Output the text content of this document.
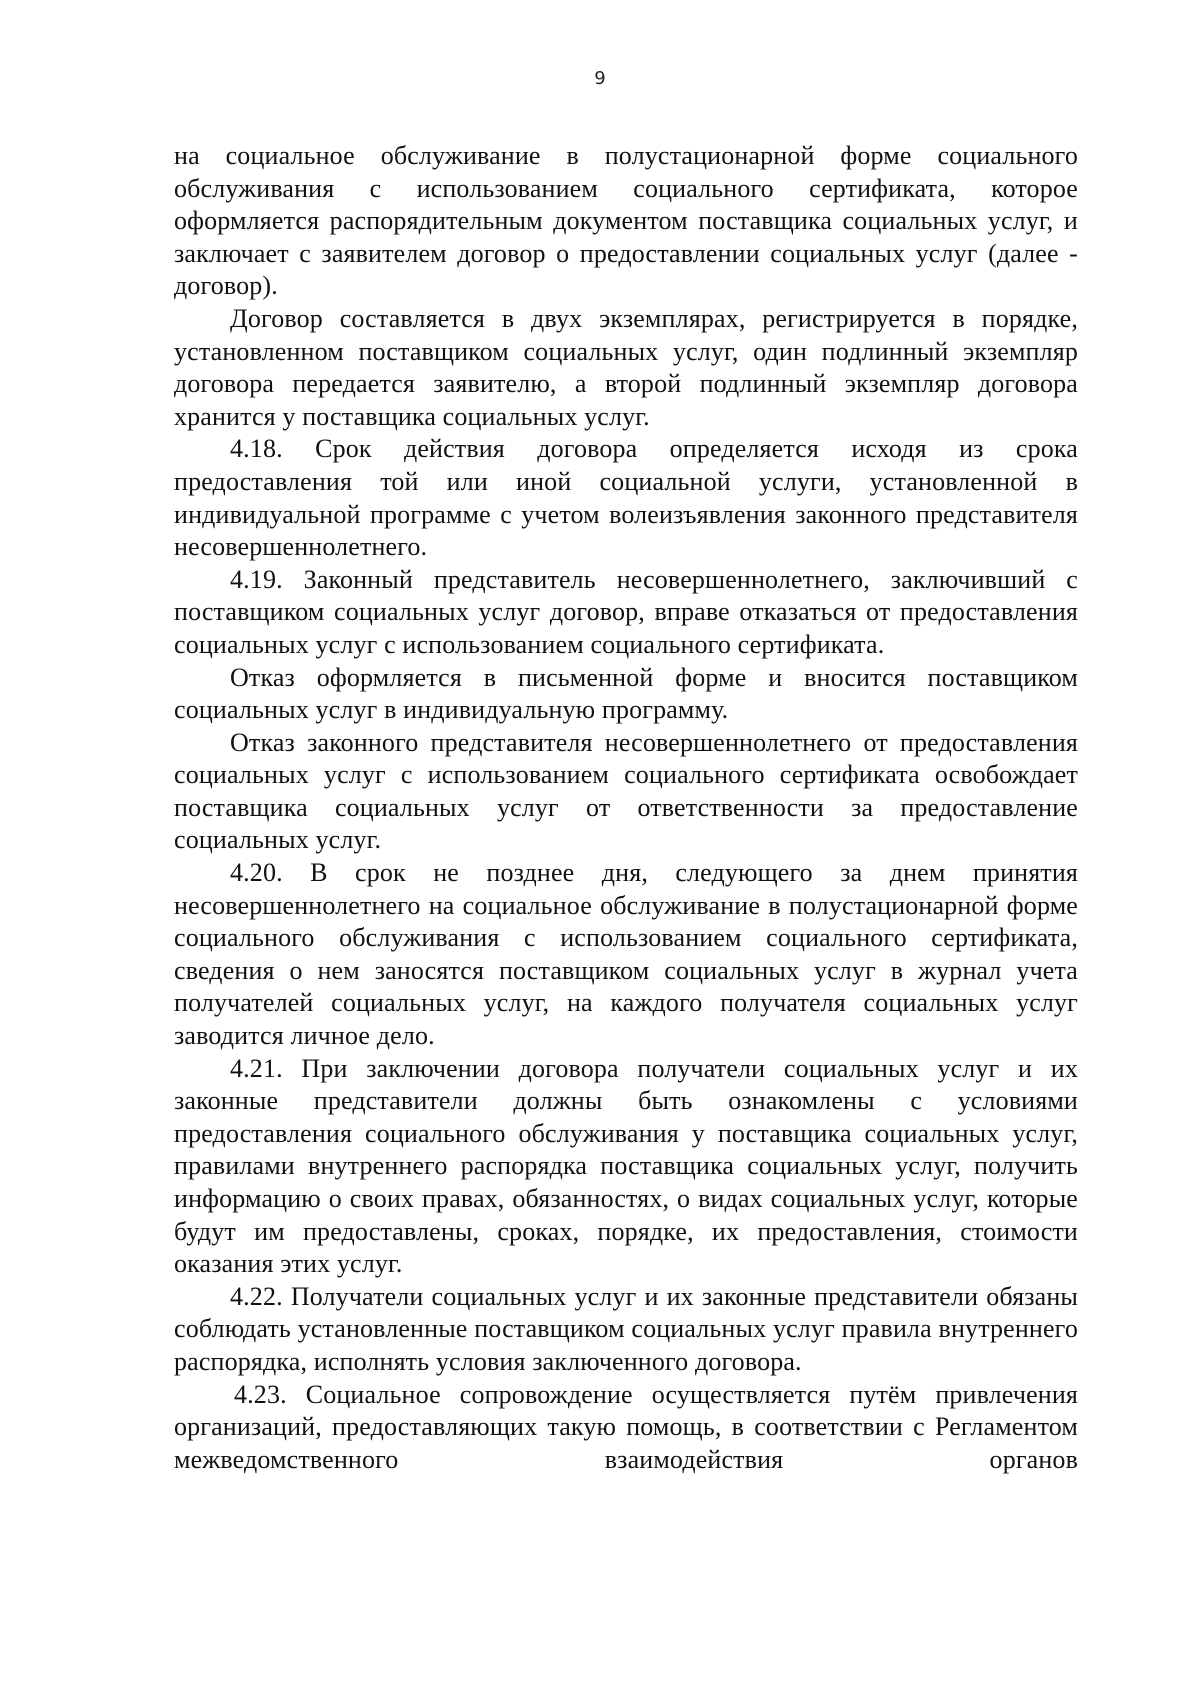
9

на социальное обслуживание в полустационарной форме социального обслуживания с использованием социального сертификата, которое оформляется распорядительным документом поставщика социальных услуг, и заключает с заявителем договор о предоставлении социальных услуг (далее - договор).

Договор составляется в двух экземплярах, регистрируется в порядке, установленном поставщиком социальных услуг, один подлинный экземпляр договора передается заявителю, а второй подлинный экземпляр договора хранится у поставщика социальных услуг.

4.18. Срок действия договора определяется исходя из срока предоставления той или иной социальной услуги, установленной в индивидуальной программе с учетом волеизъявления законного представителя несовершеннолетнего.

4.19. Законный представитель несовершеннолетнего, заключивший с поставщиком социальных услуг договор, вправе отказаться от предоставления социальных услуг с использованием социального сертификата.

Отказ оформляется в письменной форме и вносится поставщиком социальных услуг в индивидуальную программу.

Отказ законного представителя несовершеннолетнего от предоставления социальных услуг с использованием социального сертификата освобождает поставщика социальных услуг от ответственности за предоставление социальных услуг.

4.20. В срок не позднее дня, следующего за днем принятия несовершеннолетнего на социальное обслуживание в полустационарной форме социального обслуживания с использованием социального сертификата, сведения о нем заносятся поставщиком социальных услуг в журнал учета получателей социальных услуг, на каждого получателя социальных услуг заводится личное дело.

4.21. При заключении договора получатели социальных услуг и их законные представители должны быть ознакомлены с условиями предоставления социального обслуживания у поставщика социальных услуг, правилами внутреннего распорядка поставщика социальных услуг, получить информацию о своих правах, обязанностях, о видах социальных услуг, которые будут им предоставлены, сроках, порядке, их предоставления, стоимости оказания этих услуг.

4.22. Получатели социальных услуг и их законные представители обязаны соблюдать установленные поставщиком социальных услуг правила внутреннего распорядка, исполнять условия заключенного договора.

4.23. Социальное сопровождение осуществляется путём привлечения организаций, предоставляющих такую помощь, в соответствии с Регламентом межведомственного взаимодействия органов
